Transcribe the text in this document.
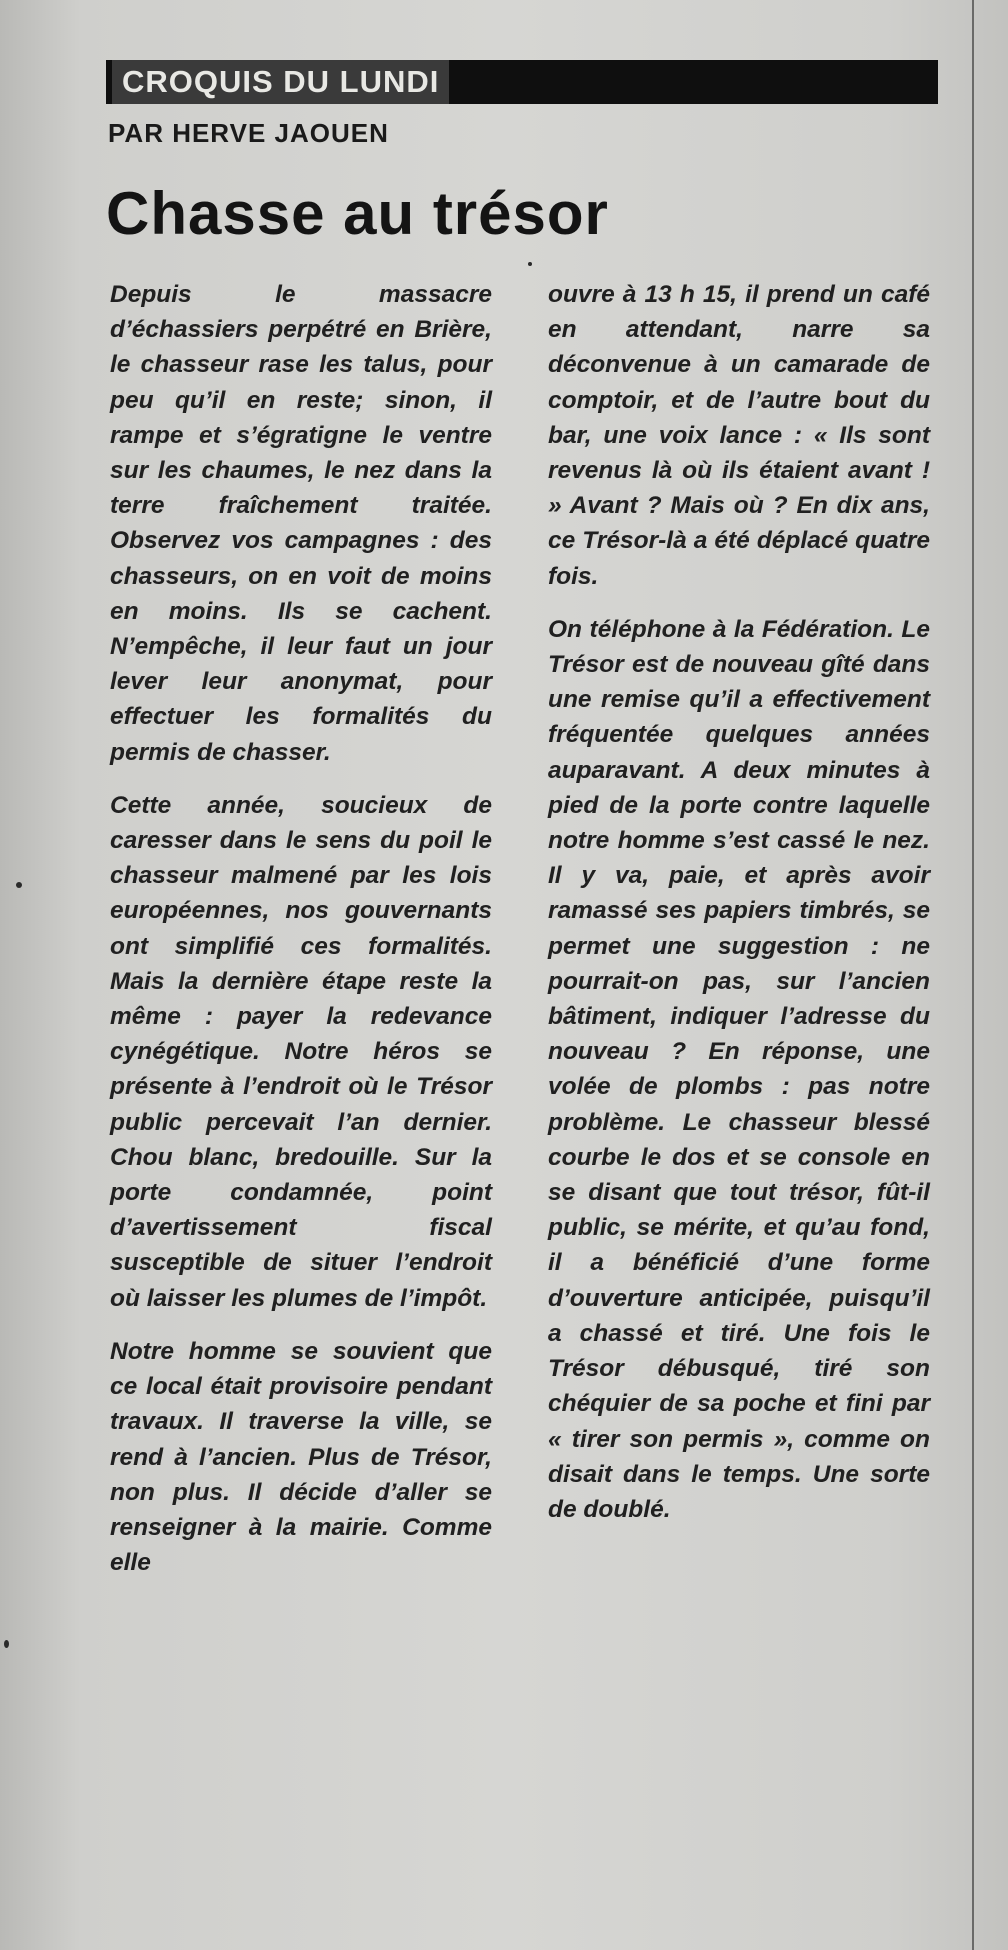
CROQUIS DU LUNDI
PAR HERVE JAOUEN
Chasse au trésor

Depuis le massacre d’échassiers perpétré en Brière, le chasseur rase les talus, pour peu qu’il en reste; sinon, il rampe et s’égratigne le ventre sur les chaumes, le nez dans la terre fraîchement traitée. Observez vos campagnes : des chasseurs, on en voit de moins en moins. Ils se cachent. N’empêche, il leur faut un jour lever leur anonymat, pour effectuer les formalités du permis de chasser.

Cette année, soucieux de caresser dans le sens du poil le chasseur malmené par les lois européennes, nos gouvernants ont simplifié ces formalités. Mais la dernière étape reste la même : payer la redevance cynégétique. Notre héros se présente à l’endroit où le Trésor public percevait l’an dernier. Chou blanc, bredouille. Sur la porte condamnée, point d’avertissement fiscal susceptible de situer l’endroit où laisser les plumes de l’impôt.

Notre homme se souvient que ce local était provisoire pendant travaux. Il traverse la ville, se rend à l’ancien. Plus de Trésor, non plus. Il décide d’aller se renseigner à la mairie. Comme elle

ouvre à 13 h 15, il prend un café en attendant, narre sa déconvenue à un camarade de comptoir, et de l’autre bout du bar, une voix lance : « Ils sont revenus là où ils étaient avant ! » Avant ? Mais où ? En dix ans, ce Trésor-là a été déplacé quatre fois.

On téléphone à la Fédération. Le Trésor est de nouveau gîté dans une remise qu’il a effectivement fréquentée quelques années auparavant. A deux minutes à pied de la porte contre laquelle notre homme s’est cassé le nez. Il y va, paie, et après avoir ramassé ses papiers timbrés, se permet une suggestion : ne pourrait-on pas, sur l’ancien bâtiment, indiquer l’adresse du nouveau ? En réponse, une volée de plombs : pas notre problème. Le chasseur blessé courbe le dos et se console en se disant que tout trésor, fût-il public, se mérite, et qu’au fond, il a bénéficié d’une forme d’ouverture anticipée, puisqu’il a chassé et tiré. Une fois le Trésor débusqué, tiré son chéquier de sa poche et fini par « tirer son permis », comme on disait dans le temps. Une sorte de doublé.
